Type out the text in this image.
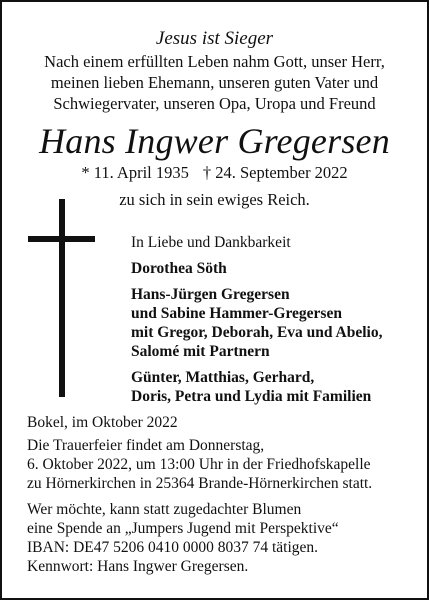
Jesus ist Sieger
Nach einem erfüllten Leben nahm Gott, unser Herr,
meinen lieben Ehemann, unseren guten Vater und
Schwiegervater, unseren Opa, Uropa und Freund
Hans Ingwer Gregersen
* 11. April 1935 † 24. September 2022
zu sich in sein ewiges Reich.
In Liebe und Dankbarkeit
Dorothea Söth
Hans-Jürgen Gregersen
und Sabine Hammer-Gregersen
mit Gregor, Deborah, Eva und Abelio,
Salomé mit Partnern
Günter, Matthias, Gerhard,
Doris, Petra und Lydia mit Familien
Bokel, im Oktober 2022
Die Trauerfeier findet am Donnerstag,
6. Oktober 2022, um 13:00 Uhr in der Friedhofskapelle
zu Hörnerkirchen in 25364 Brande-Hörnerkirchen statt.
Wer möchte, kann statt zugedachter Blumen
eine Spende an „Jumpers Jugend mit Perspektive“
IBAN: DE47 5206 0410 0000 8037 74 tätigen.
Kennwort: Hans Ingwer Gregersen.
